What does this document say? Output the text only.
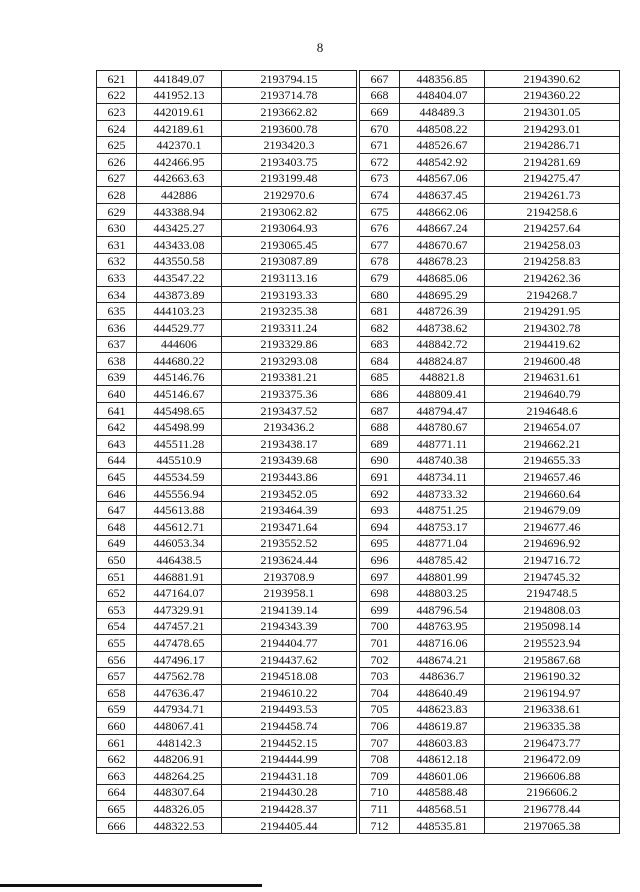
8
621	441849.07	2193794.15
622	441952.13	2193714.78
623	442019.61	2193662.82
624	442189.61	2193600.78
625	442370.1	2193420.3
626	442466.95	2193403.75
627	442663.63	2193199.48
628	442886	2192970.6
629	443388.94	2193062.82
630	443425.27	2193064.93
631	443433.08	2193065.45
632	443550.58	2193087.89
633	443547.22	2193113.16
634	443873.89	2193193.33
635	444103.23	2193235.38
636	444529.77	2193311.24
637	444606	2193329.86
638	444680.22	2193293.08
639	445146.76	2193381.21
640	445146.67	2193375.36
641	445498.65	2193437.52
642	445498.99	2193436.2
643	445511.28	2193438.17
644	445510.9	2193439.68
645	445534.59	2193443.86
646	445556.94	2193452.05
647	445613.88	2193464.39
648	445612.71	2193471.64
649	446053.34	2193552.52
650	446438.5	2193624.44
651	446881.91	2193708.9
652	447164.07	2193958.1
653	447329.91	2194139.14
654	447457.21	2194343.39
655	447478.65	2194404.77
656	447496.17	2194437.62
657	447562.78	2194518.08
658	447636.47	2194610.22
659	447934.71	2194493.53
660	448067.41	2194458.74
661	448142.3	2194452.15
662	448206.91	2194444.99
663	448264.25	2194431.18
664	448307.64	2194430.28
665	448326.05	2194428.37
666	448322.53	2194405.44
667	448356.85	2194390.62
668	448404.07	2194360.22
669	448489.3	2194301.05
670	448508.22	2194293.01
671	448526.67	2194286.71
672	448542.92	2194281.69
673	448567.06	2194275.47
674	448637.45	2194261.73
675	448662.06	2194258.6
676	448667.24	2194257.64
677	448670.67	2194258.03
678	448678.23	2194258.83
679	448685.06	2194262.36
680	448695.29	2194268.7
681	448726.39	2194291.95
682	448738.62	2194302.78
683	448842.72	2194419.62
684	448824.87	2194600.48
685	448821.8	2194631.61
686	448809.41	2194640.79
687	448794.47	2194648.6
688	448780.67	2194654.07
689	448771.11	2194662.21
690	448740.38	2194655.33
691	448734.11	2194657.46
692	448733.32	2194660.64
693	448751.25	2194679.09
694	448753.17	2194677.46
695	448771.04	2194696.92
696	448785.42	2194716.72
697	448801.99	2194745.32
698	448803.25	2194748.5
699	448796.54	2194808.03
700	448763.95	2195098.14
701	448716.06	2195523.94
702	448674.21	2195867.68
703	448636.7	2196190.32
704	448640.49	2196194.97
705	448623.83	2196338.61
706	448619.87	2196335.38
707	448603.83	2196473.77
708	448612.18	2196472.09
709	448601.06	2196606.88
710	448588.48	2196606.2
711	448568.51	2196778.44
712	448535.81	2197065.38
